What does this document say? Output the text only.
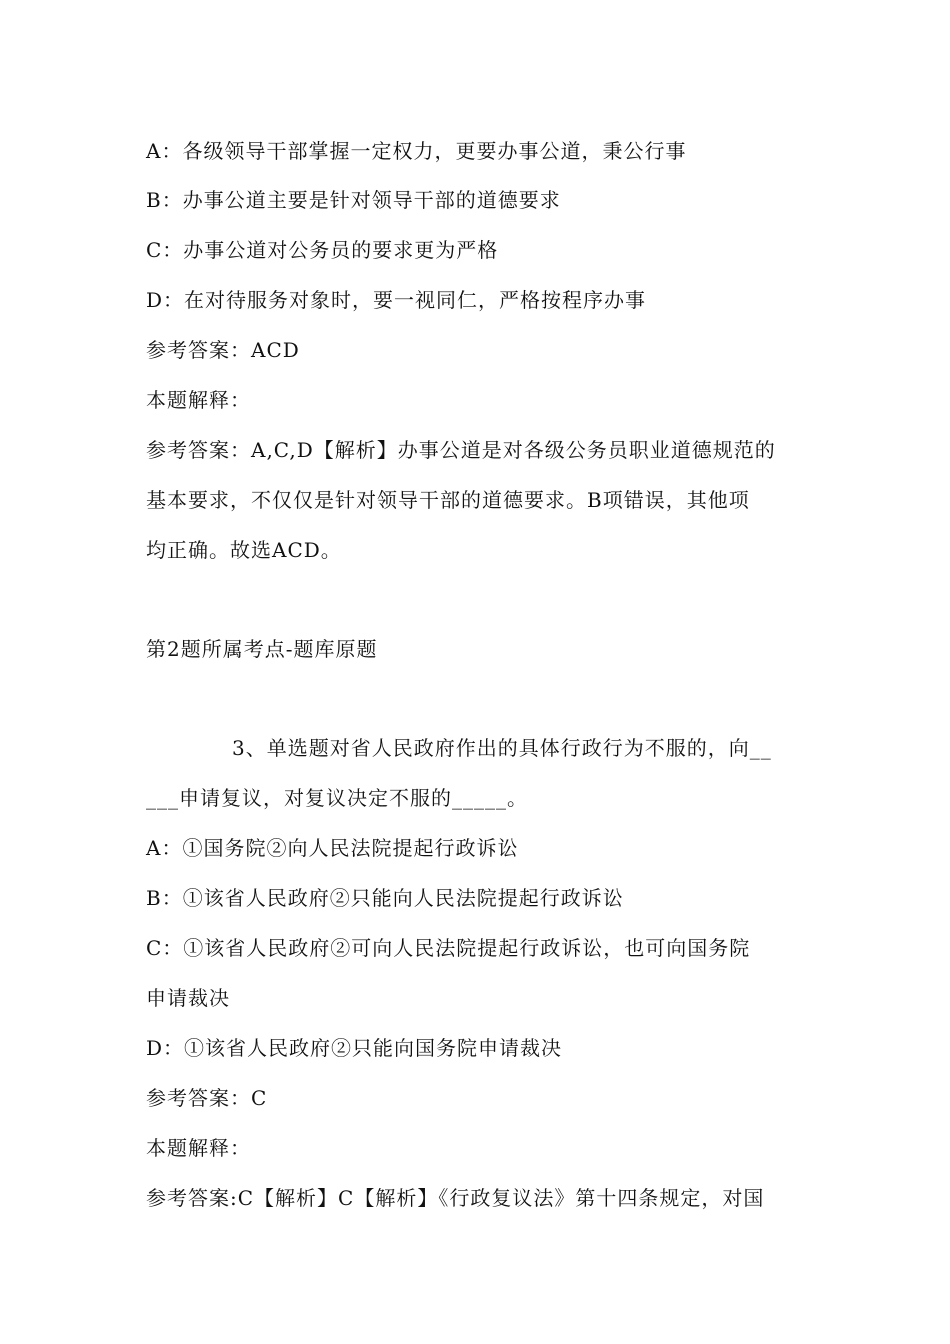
A：各级领导干部掌握一定权力，更要办事公道，秉公行事
B：办事公道主要是针对领导干部的道德要求
C：办事公道对公务员的要求更为严格
D：在对待服务对象时，要一视同仁，严格按程序办事
参考答案：ACD
本题解释：
参考答案：A,C,D【解析】办事公道是对各级公务员职业道德规范的
基本要求，不仅仅是针对领导干部的道德要求。B项错误，其他项
均正确。故选ACD。
第2题所属考点-题库原题
3、单选题对省人民政府作出的具体行政行为不服的，向__
___申请复议，对复议决定不服的_____。
A：①国务院②向人民法院提起行政诉讼
B：①该省人民政府②只能向人民法院提起行政诉讼
C：①该省人民政府②可向人民法院提起行政诉讼，也可向国务院
申请裁决
D：①该省人民政府②只能向国务院申请裁决
参考答案：C
本题解释：
参考答案:C【解析】C【解析】《行政复议法》第十四条规定，对国
